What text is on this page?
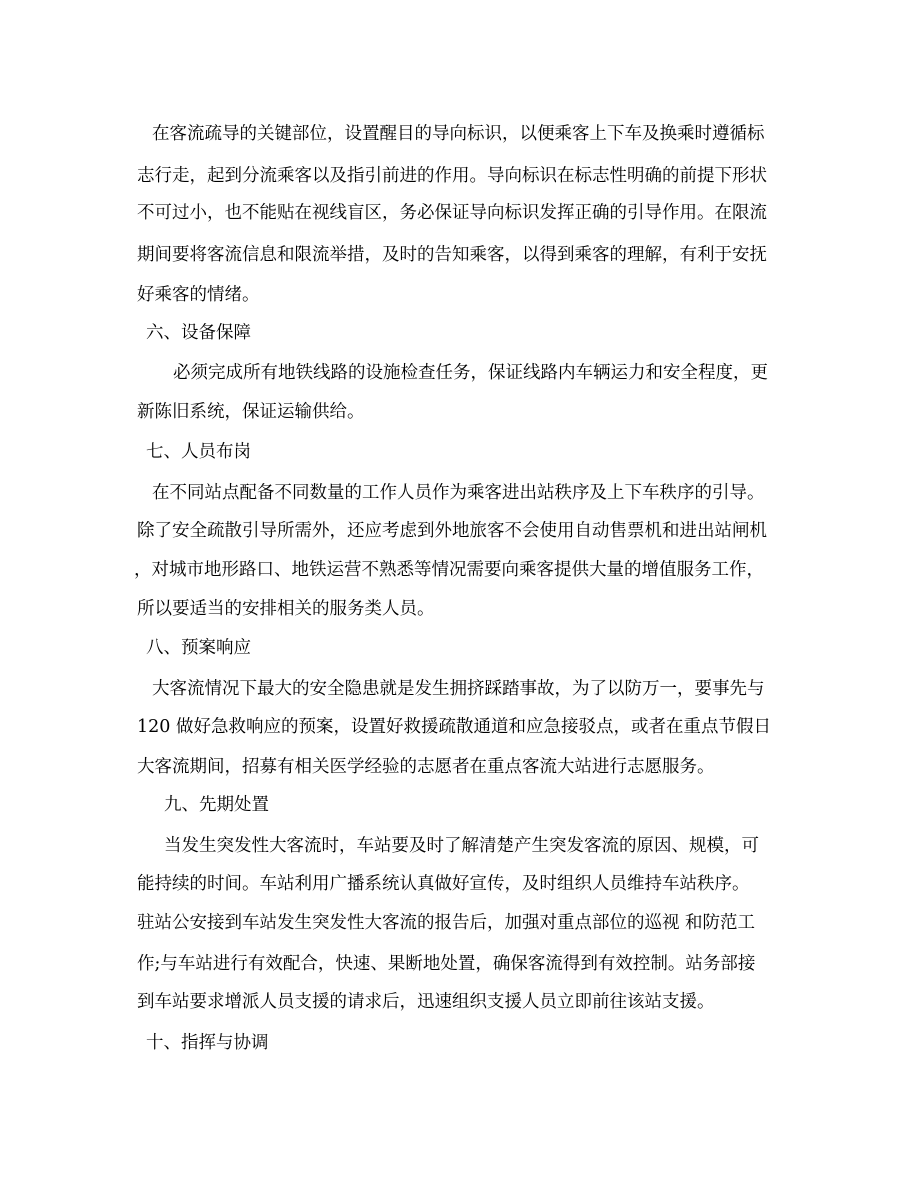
在客流疏导的关键部位，设置醒目的导向标识，以便乘客上下车及换乘时遵循标
志行走，起到分流乘客以及指引前进的作用。导向标识在标志性明确的前提下形状
不可过小，也不能贴在视线盲区，务必保证导向标识发挥正确的引导作用。在限流
期间要将客流信息和限流举措，及时的告知乘客，以得到乘客的理解，有利于安抚
好乘客的情绪。
六、设备保障
必须完成所有地铁线路的设施检查任务，保证线路内车辆运力和安全程度，更
新陈旧系统，保证运输供给。
七、人员布岗
在不同站点配备不同数量的工作人员作为乘客进出站秩序及上下车秩序的引导。
除了安全疏散引导所需外，还应考虑到外地旅客不会使用自动售票机和进出站闸机
，对城市地形路口、地铁运营不熟悉等情况需要向乘客提供大量的增值服务工作，
所以要适当的安排相关的服务类人员。
八、预案响应
大客流情况下最大的安全隐患就是发生拥挤踩踏事故，为了以防万一，要事先与
120 做好急救响应的预案，设置好救援疏散通道和应急接驳点，或者在重点节假日
大客流期间，招募有相关医学经验的志愿者在重点客流大站进行志愿服务。
九、先期处置
当发生突发性大客流时，车站要及时了解清楚产生突发客流的原因、规模，可
能持续的时间。车站利用广播系统认真做好宣传，及时组织人员维持车站秩序。
驻站公安接到车站发生突发性大客流的报告后，加强对重点部位的巡视 和防范工
作;与车站进行有效配合，快速、果断地处置，确保客流得到有效控制。站务部接
到车站要求增派人员支援的请求后，迅速组织支援人员立即前往该站支援。
十、指挥与协调
